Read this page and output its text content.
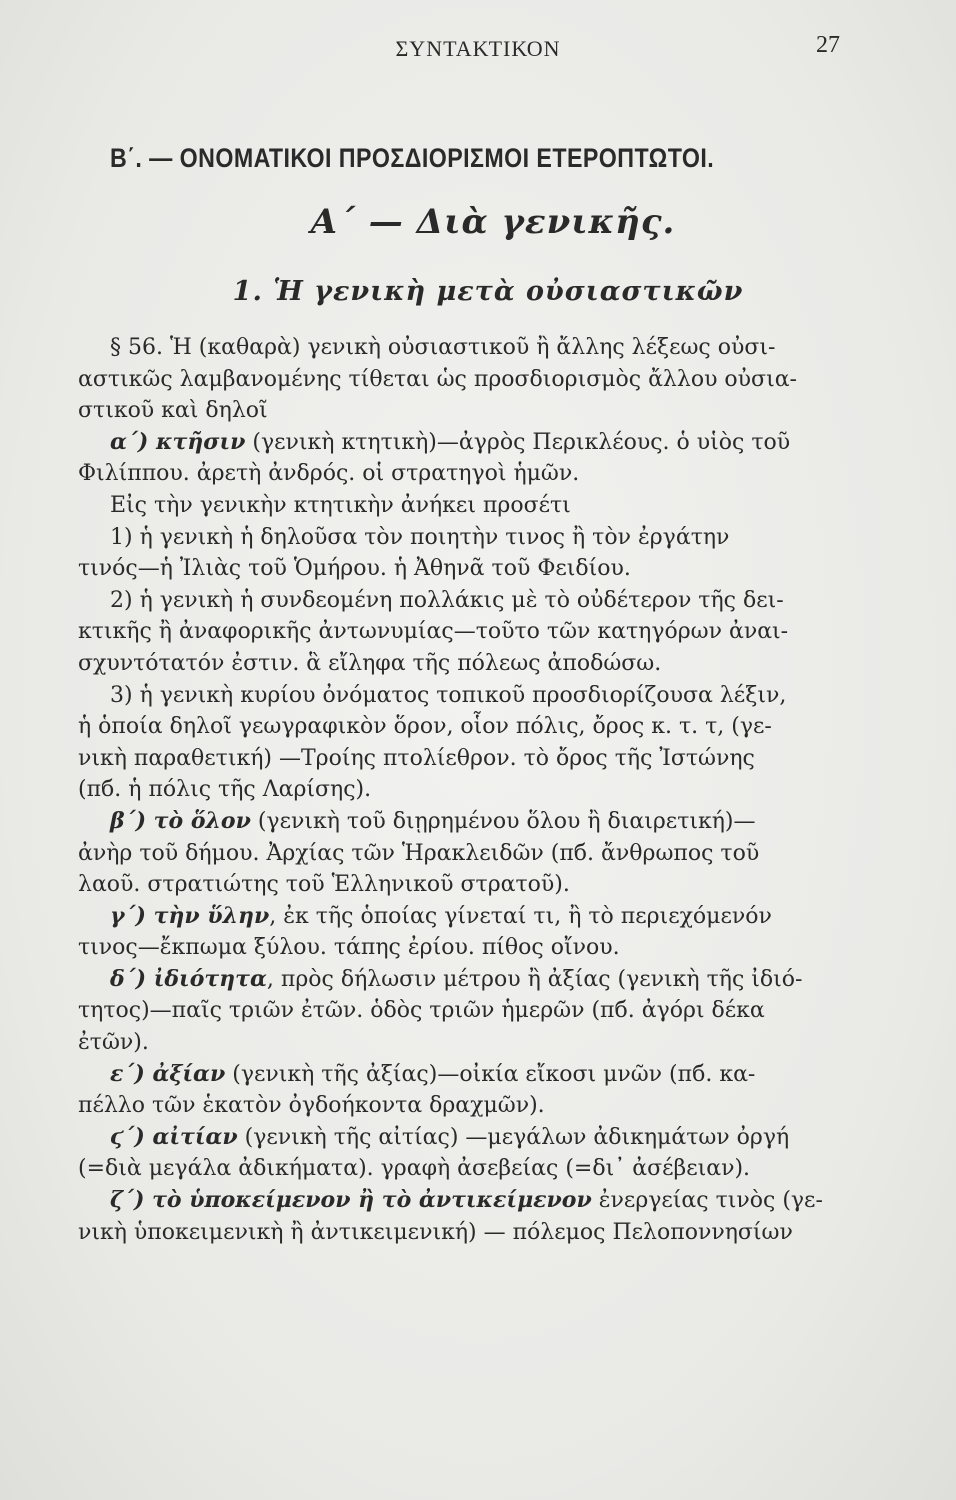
ΣΥΝΤΑΚΤΙΚΟΝ	27
Β΄. — ΟΝΟΜΑΤΙΚΟΙ ΠΡΟΣΔΙΟΡΙΣΜΟΙ ΕΤΕΡΟΠΤΩΤΟΙ.
Α΄ — Διὰ γενικῆς.
1. Ἡ γενικὴ μετὰ οὐσιαστικῶν
§ 56. Ἡ (καθαρὰ) γενικὴ οὐσιαστικοῦ ἢ ἄλλης λέξεως οὐσι-
αστικῶς λαμβανομένης τίθεται ὡς προσδιορισμὸς ἄλλου οὐσια-
στικοῦ καὶ δηλοῖ
α΄) κτῆσιν (γενικὴ κτητικὴ)—ἀγρὸς Περικλέους. ὁ υἱὸς τοῦ
Φιλίππου. ἀρετὴ ἀνδρός. οἱ στρατηγοὶ ἡμῶν.
Εἰς τὴν γενικὴν κτητικὴν ἀνήκει προσέτι
1) ἡ γενικὴ ἡ δηλοῦσα τὸν ποιητὴν τινος ἢ τὸν ἐργάτην
τινός—ἡ Ἰλιὰς τοῦ Ὁμήρου. ἡ Ἀθηνᾶ τοῦ Φειδίου.
2) ἡ γενικὴ ἡ συνδεομένη πολλάκις μὲ τὸ οὐδέτερον τῆς δει-
κτικῆς ἢ ἀναφορικῆς ἀντωνυμίας—τοῦτο τῶν κατηγόρων ἀναι-
σχυντότατόν ἐστιν. ἃ εἴληφα τῆς πόλεως ἀποδώσω.
3) ἡ γενικὴ κυρίου ὀνόματος τοπικοῦ προσδιορίζουσα λέξιν,
ἡ ὁποία δηλοῖ γεωγραφικὸν ὅρον, οἷον πόλις, ὄρος κ. τ. τ, (γε-
νικὴ παραθετική) —Τροίης πτολίεθρον. τὸ ὄρος τῆς Ἰστώνης
(πб. ἡ πόλις τῆς Λαρίσης).
β΄) τὸ ὅλον (γενικὴ τοῦ διῃρημένου ὅλου ἢ διαιρετική)—
ἀνὴρ τοῦ δήμου. Ἀρχίας τῶν Ἡρακλειδῶν (πб. ἄνθρωπος τοῦ
λαοῦ. στρατιώτης τοῦ Ἑλληνικοῦ στρατοῦ).
γ΄) τὴν ὕλην, ἐκ τῆς ὁποίας γίνεταί τι, ἢ τὸ περιεχόμενόν
τινος—ἔκπωμα ξύλου. τάπης ἐρίου. πίθος οἴνου.
δ΄) ἰδιότητα, πρὸς δήλωσιν μέτρου ἢ ἀξίας (γενικὴ τῆς ἰδιό-
τητος)—παῖς τριῶν ἐτῶν. ὁδὸς τριῶν ἡμερῶν (πб. ἀγόρι δέκα
ἐτῶν).
ε΄) ἀξίαν (γενικὴ τῆς ἀξίας)—οἰκία εἴκοσι μνῶν (πб. κα-
πέλλο τῶν ἑκατὸν ὀγδοήκοντα δραχμῶν).
ϛ΄) αἰτίαν (γενικὴ τῆς αἰτίας) —μεγάλων ἀδικημάτων ὀργή
(=διὰ μεγάλα ἀδικήματα). γραφὴ ἀσεβείας (=δι᾽ ἀσέβειαν).
ζ΄) τὸ ὑποκείμενον ἢ τὸ ἀντικείμενον ἐνεργείας τινὸς (γε-
νικὴ ὑποκειμενικὴ ἢ ἀντικειμενική) — πόλεμος Πελοποννησίων
